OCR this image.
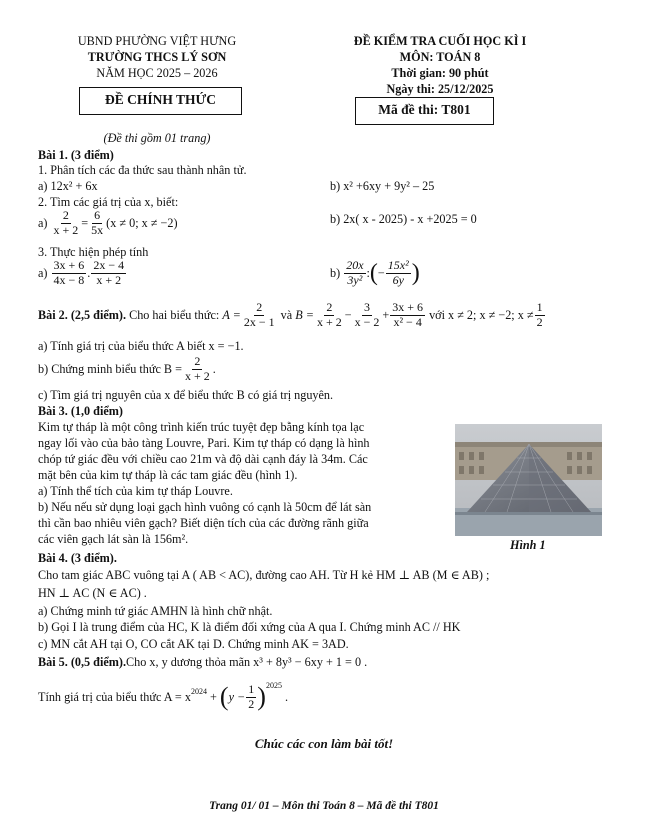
UBND PHƯỜNG VIỆT HƯNG
TRƯỜNG THCS LÝ SƠN
NĂM HỌC 2025 – 2026
ĐỀ CHÍNH THỨC
(Đề thi gồm 01 trang)
ĐỀ KIỂM TRA CUỐI HỌC KÌ I
MÔN: TOÁN 8
Thời gian: 90 phút
Ngày thi: 25/12/2025
Mã đề thi: T801
Bài 1. (3 điểm)
1. Phân tích các đa thức sau thành nhân tử.
a) 12x² + 6x	b) x² +6xy + 9y² – 25
2. Tìm các giá trị của x, biết:
a)
$\frac{2}{x + 2} = \frac{6}{5x} (x \ne 0$; x ≠ −2)	b) 2x( x - 2025) - x +2025 = 0
3. Thực hiện phép tính
a)
$\frac{3x + 6}{4x - 8}$ . $\frac{2x - 4}{x + 2}$	b)
$\frac{20x}{\text{3y²}}$ : ( − $\frac{\text{15x²}}{6y}$ )
Bài 2. (2,5 điểm).
Cho hai biểu thức:
$A = \frac{2}{2x - 1}$
và
$B = \frac{2}{x + 2} - \frac{3}{x - 2} + \frac{3x + 6}{\text{x² − 4}}$
với x ≠ 2; x ≠ −2; $x \ne \frac{1}{2}$
a) Tính giá trị của biểu thức A biết x = −1.
b) Chứng minh biểu thức $B = \frac{2}{x + 2}$ .
c) Tìm giá trị nguyên của x để biểu thức B có giá trị nguyên.
Bài 3. (1,0 điểm)
Kim tự tháp là một công trình kiến trúc tuyệt đẹp bằng kính tọa lạc
ngay lối vào của bảo tàng Louvre, Pari. Kim tự tháp có dạng là hình
chóp tứ giác đều với chiều cao 21m và độ dài cạnh đáy là 34m. Các
mặt bên của kim tự tháp là các tam giác đều (hình 1).
a) Tính thể tích của kim tự tháp Louvre.
b) Nếu nếu sử dụng loại gạch hình vuông có cạnh là 50cm để lát sàn
thì cần bao nhiêu viên gạch? Biết diện tích của các đường rãnh giữa
các viên gạch lát sàn là 156m².	Hình 1
Bài 4. (3 điểm).
Cho tam giác ABC vuông tại A ( AB < AC), đường cao AH. Từ H kẻ HM ⊥ AB (M ∈ AB) ;
HN ⊥ AC (N ∈ AC) .
a) Chứng minh tứ giác AMHN là hình chữ nhật.
b) Gọi I là trung điểm của HC, K là điểm đối xứng của A qua I. Chứng minh AC // HK
c) MN cắt AH tại O, CO cắt AK tại D. Chứng minh AK = 3AD.
Bài 5. (0,5 điểm).Cho x, y dương thỏa mãn x³ + 8y³ − 6xy + 1 = 0 .
Tính giá trị của biểu thức $A = x^{2024}$
+
( $y - \frac{1}{2} )^{2025}$
.
Chúc các con làm bài tốt!
Trang 01/ 01 – Môn thi Toán 8 – Mã đề thi T801
